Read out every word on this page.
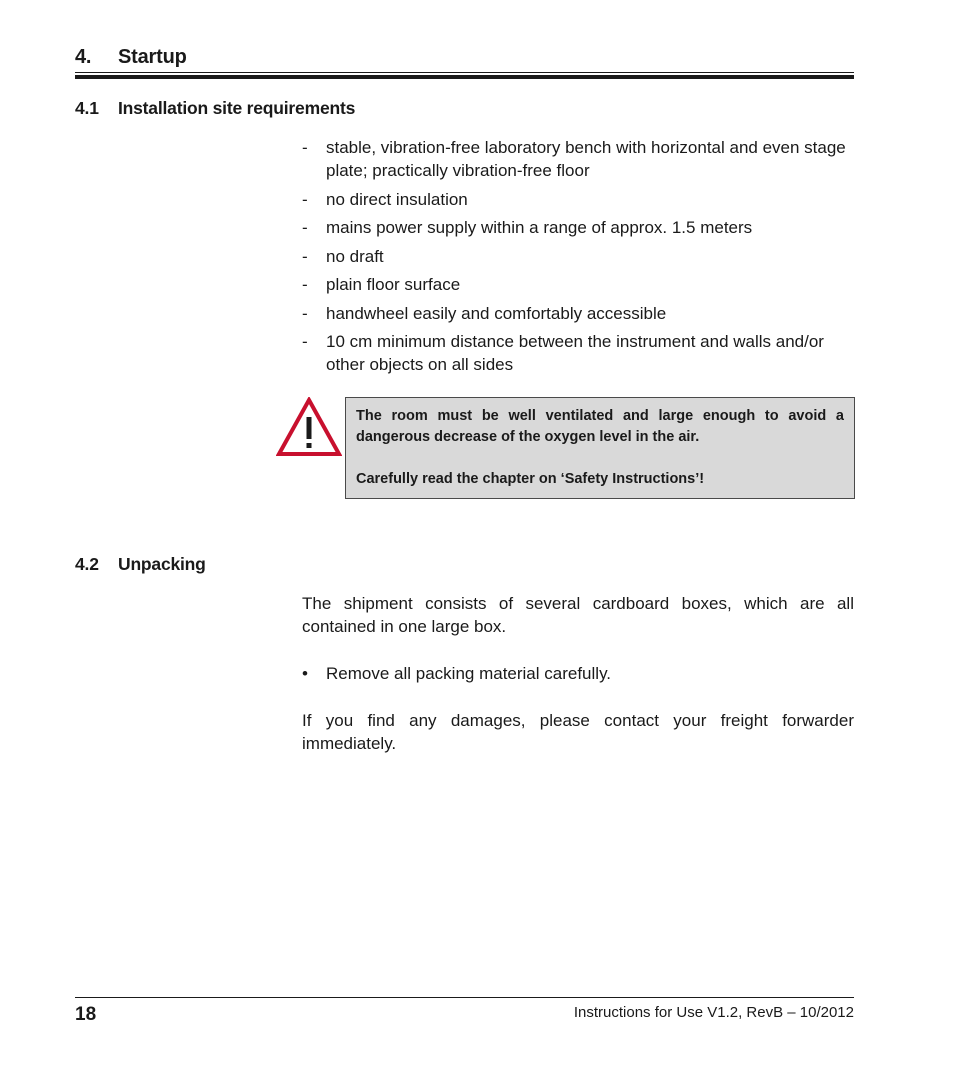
4. Startup
4.1 Installation site requirements
- stable, vibration-free laboratory bench with horizontal and even stage plate; practically vibration-free floor
- no direct insulation
- mains power supply within a range of approx. 1.5 meters
- no draft
- plain floor surface
- handwheel easily and comfortably accessible
- 10 cm minimum distance between the instrument and walls and/or other objects on all sides

The room must be well ventilated and large enough to avoid a dangerous decrease of the oxygen level in the air.

Carefully read the chapter on ‘Safety Instructions’!

4.2 Unpacking

The shipment consists of several cardboard boxes, which are all contained in one large box.

• Remove all packing material carefully.

If you find any damages, please contact your freight forwarder immediately.

18	Instructions for Use V1.2, RevB – 10/2012
